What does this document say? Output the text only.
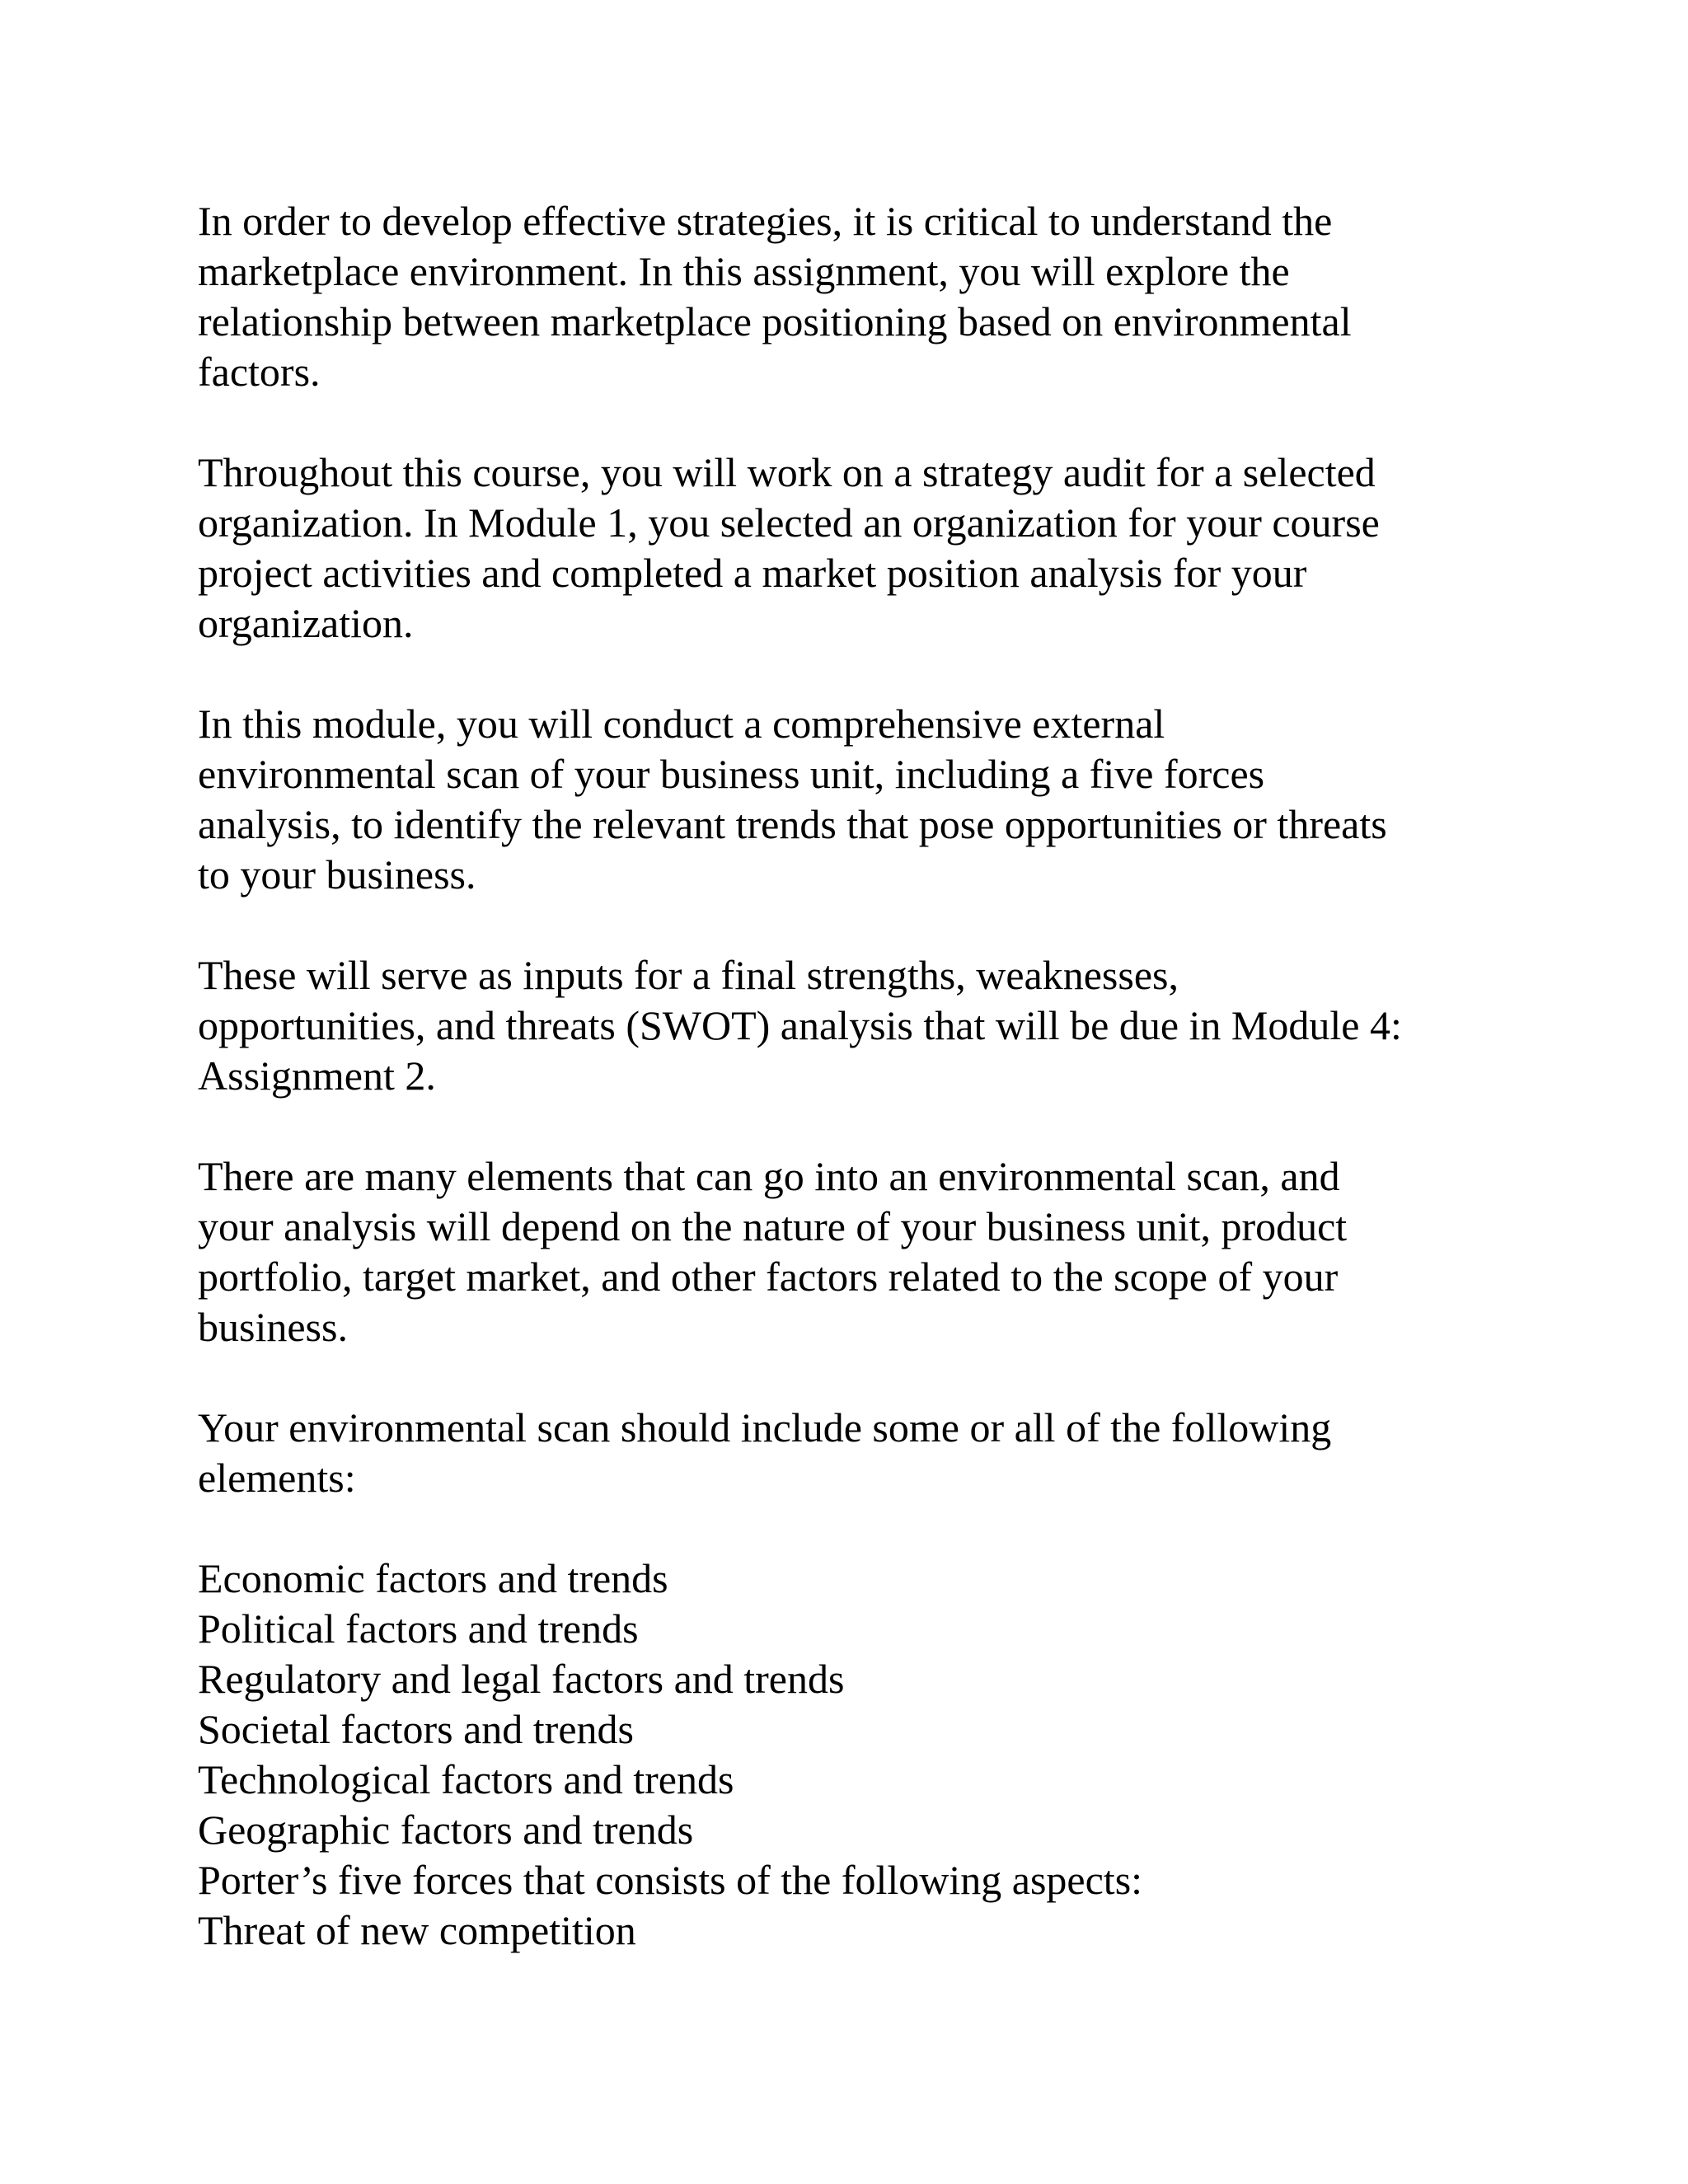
In order to develop effective strategies, it is critical to understand the
marketplace environment. In this assignment, you will explore the
relationship between marketplace positioning based on environmental
factors.

Throughout this course, you will work on a strategy audit for a selected
organization. In Module 1, you selected an organization for your course
project activities and completed a market position analysis for your
organization.

In this module, you will conduct a comprehensive external
environmental scan of your business unit, including a five forces
analysis, to identify the relevant trends that pose opportunities or threats
to your business.

These will serve as inputs for a final strengths, weaknesses,
opportunities, and threats (SWOT) analysis that will be due in Module 4:
Assignment 2.

There are many elements that can go into an environmental scan, and
your analysis will depend on the nature of your business unit, product
portfolio, target market, and other factors related to the scope of your
business.

Your environmental scan should include some or all of the following
elements:

Economic factors and trends
Political factors and trends
Regulatory and legal factors and trends
Societal factors and trends
Technological factors and trends
Geographic factors and trends
Porter’s five forces that consists of the following aspects:
Threat of new competition
